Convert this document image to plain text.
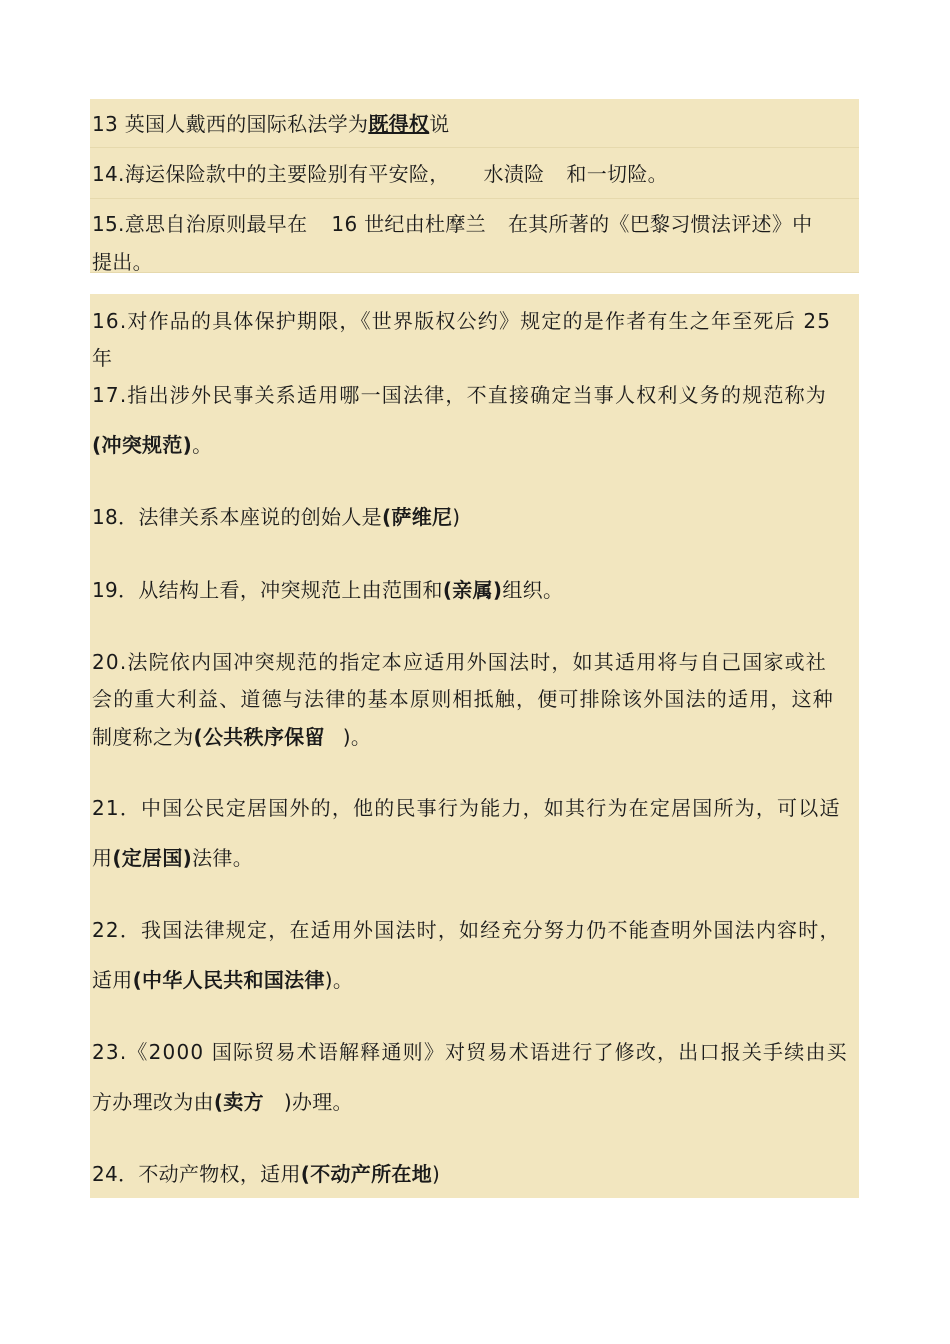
13 英国人戴西的国际私法学为既得权说
14.海运保险款中的主要险别有平安险， 水渍险 和一切险。
15.意思自治原则最早在 16 世纪由杜摩兰 在其所著的《巴黎习惯法评述》中
提出。
16.对作品的具体保护期限，《世界版权公约》规定的是作者有生之年至死后 25
年
17.指出涉外民事关系适用哪一国法律，不直接确定当事人权利义务的规范称为
(冲突规范)。
18．法律关系本座说的创始人是(萨维尼)
19．从结构上看，冲突规范上由范围和(亲属)组织。
20.法院依内国冲突规范的指定本应适用外国法时，如其适用将与自己国家或社
会的重大利益、道德与法律的基本原则相抵触，便可排除该外国法的适用，这种
制度称之为(公共秩序保留 )。
21．中国公民定居国外的，他的民事行为能力，如其行为在定居国所为，可以适
用(定居国)法律。
22．我国法律规定，在适用外国法时，如经充分努力仍不能查明外国法内容时，
适用(中华人民共和国法律)。
23.《2000 国际贸易术语解释通则》对贸易术语进行了修改，出口报关手续由买
方办理改为由(卖方 )办理。
24．不动产物权，适用(不动产所在地)
